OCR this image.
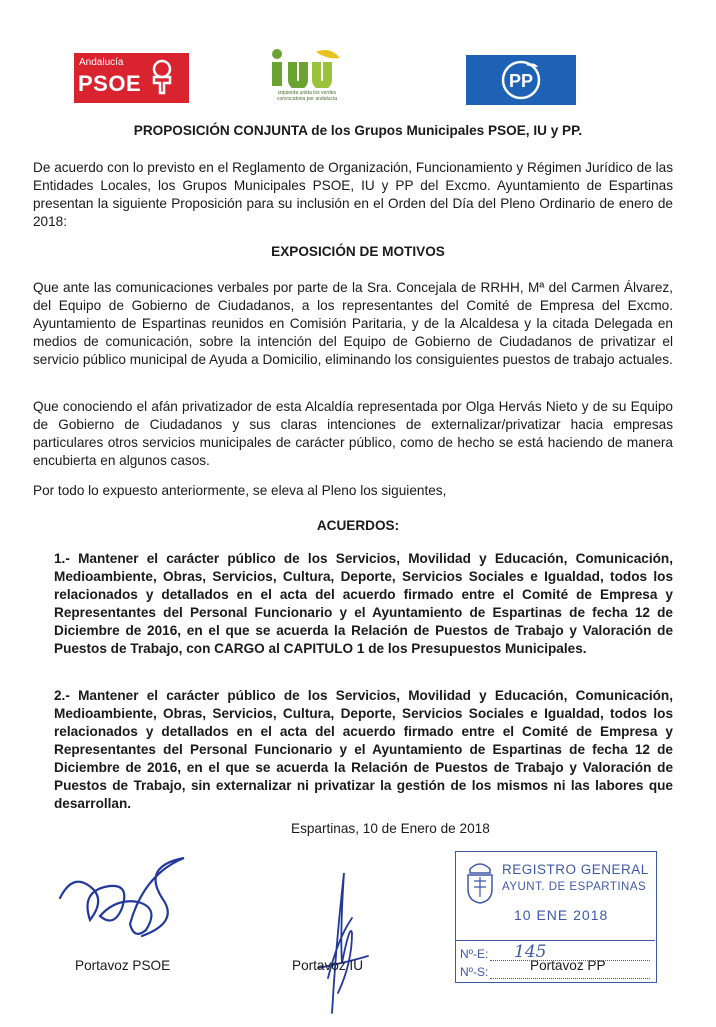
Andalucía
PSOE	izquierda unida los verdes
convocatoria por andalucía
PP

PROPOSICIÓN CONJUNTA de los Grupos Municipales PSOE, IU y PP.

De acuerdo con lo previsto en el Reglamento de Organización, Funcionamiento y Régimen Jurídico de las Entidades Locales, los Grupos Municipales PSOE, IU y PP del Excmo. Ayuntamiento de Espartinas presentan la siguiente Proposición para su inclusión en el Orden del Día del Pleno Ordinario de enero de 2018:

EXPOSICIÓN DE MOTIVOS

Que ante las comunicaciones verbales por parte de la Sra. Concejala de RRHH, Mª del Carmen Álvarez, del Equipo de Gobierno de Ciudadanos, a los representantes del Comité de Empresa del Excmo. Ayuntamiento de Espartinas reunidos en Comisión Paritaria, y de la Alcaldesa y la citada Delegada en medios de comunicación, sobre la intención del Equipo de Gobierno de Ciudadanos de privatizar el servicio público municipal de Ayuda a Domicilio, eliminando los consiguientes puestos de trabajo actuales.

Que conociendo el afán privatizador de esta Alcaldía representada por Olga Hervás Nieto y de su Equipo de Gobierno de Ciudadanos y sus claras intenciones de externalizar/privatizar hacia empresas particulares otros servicios municipales de carácter público, como de hecho se está haciendo de manera encubierta en algunos casos.

Por todo lo expuesto anteriormente, se eleva al Pleno los siguientes,

ACUERDOS:

1.- Mantener el carácter público de los Servicios, Movilidad y Educación, Comunicación, Medioambiente, Obras, Servicios, Cultura, Deporte, Servicios Sociales e Igualdad, todos los relacionados y detallados en el acta del acuerdo firmado entre el Comité de Empresa y Representantes del Personal Funcionario y el Ayuntamiento de Espartinas de fecha 12 de Diciembre de 2016, en el que se acuerda la Relación de Puestos de Trabajo y Valoración de Puestos de Trabajo, con CARGO al CAPITULO 1 de los Presupuestos Municipales.

2.- Mantener el carácter público de los Servicios, Movilidad y Educación, Comunicación, Medioambiente, Obras, Servicios, Cultura, Deporte, Servicios Sociales e Igualdad, todos los relacionados y detallados en el acta del acuerdo firmado entre el Comité de Empresa y Representantes del Personal Funcionario y el Ayuntamiento de Espartinas de fecha 12 de Diciembre de 2016, en el que se acuerda la Relación de Puestos de Trabajo y Valoración de Puestos de Trabajo, sin externalizar ni privatizar la gestión de los mismos ni las labores que desarrollan.

Espartinas, 10 de Enero de 2018
Portavoz PSOE	Portavoz IU	Portavoz PP
REGISTRO GENERAL
AYUNT. DE ESPARTINAS
10 ENE 2018
Nº-E: 145
Nº-S:
